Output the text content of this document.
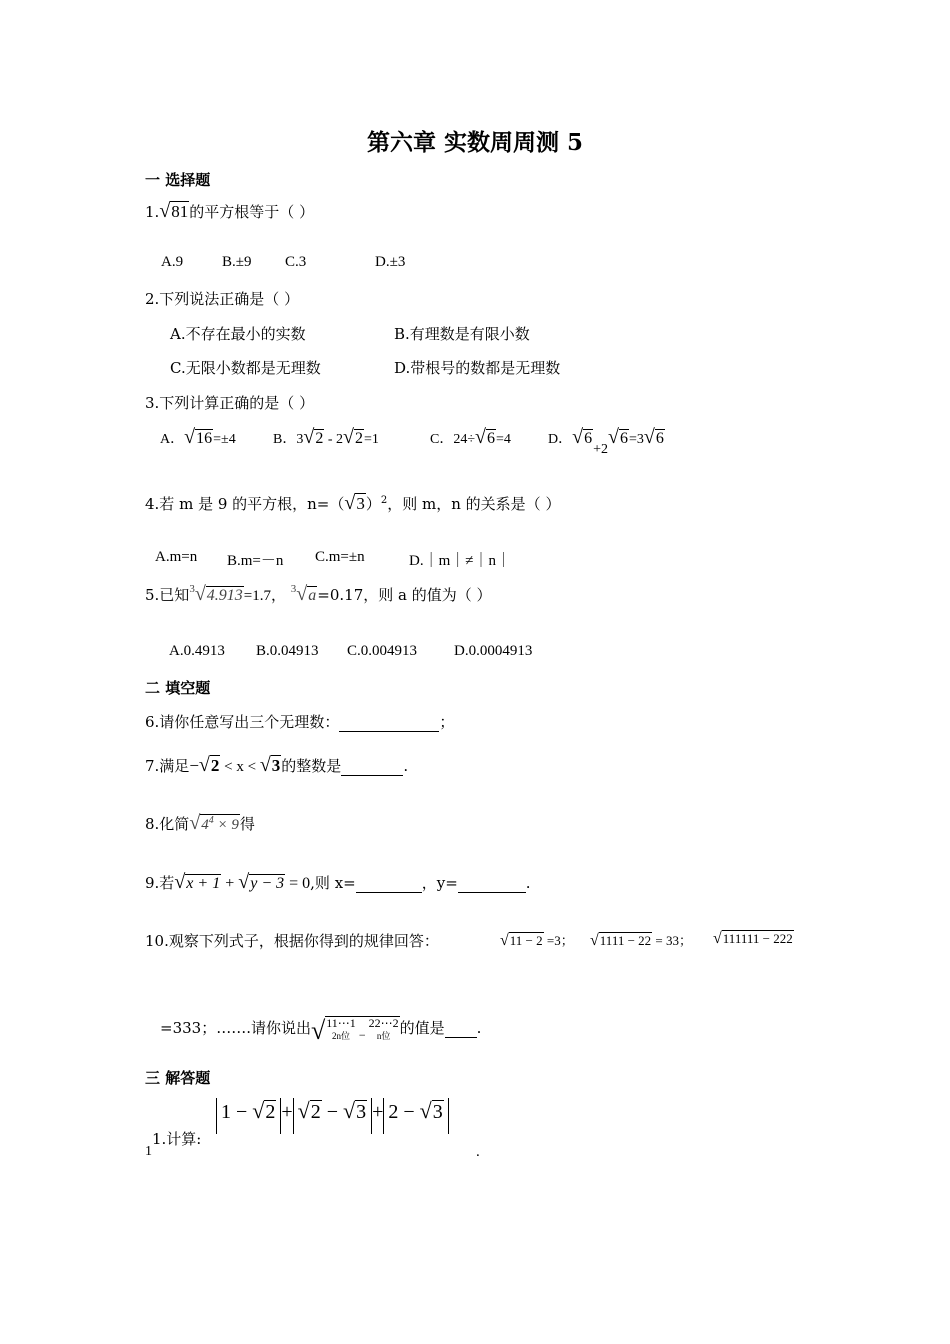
第六章 实数周周测 5
一 选择题
1.√81的平方根等于（ ）
A.9	B.±9 C.3	D.±3
2.下列说法正确是（ ）
A.不存在最小的实数	B.有理数是有限小数
C.无限小数都是无理数	D.带根号的数都是无理数
3.下列计算正确的是（ ）
A．√16=±4	B．3√2 - 2√2=1	C．24÷√6=4	D．√6+2√6=3√6
4.若 m 是 9 的平方根，$n=(√3)^2$，则 m，n 的关系是（ ）
A.m=n B.m=－n C.m=±n	D.｜m｜≠｜n｜
5.已知$^3$√4.913=1.7， $^3$√a=0.17，则 a 的值为（ ）
A.0.4913 B.0.04913 C.0.004913 D.0.0004913
二 填空题
6.请你任意写出三个无理数：	；
7.满足−√2 < x < √3的整数是	.
8.化简$√4^4 \times 9$得
9.若√x + 1 + √y − 3 = 0,则 x=	，y=	.
10.观察下列式子，根据你得到的规律回答：	√11 − 2 =3； √1111 − 22 = 33； √111111 − 222
=333；…….请你说出√11⋯1
2n位 − 22⋯2
n位 的值是 .
三 解答题
1.计算:
1
1 − √2 + √2 − √3 + 2 − √3
.
